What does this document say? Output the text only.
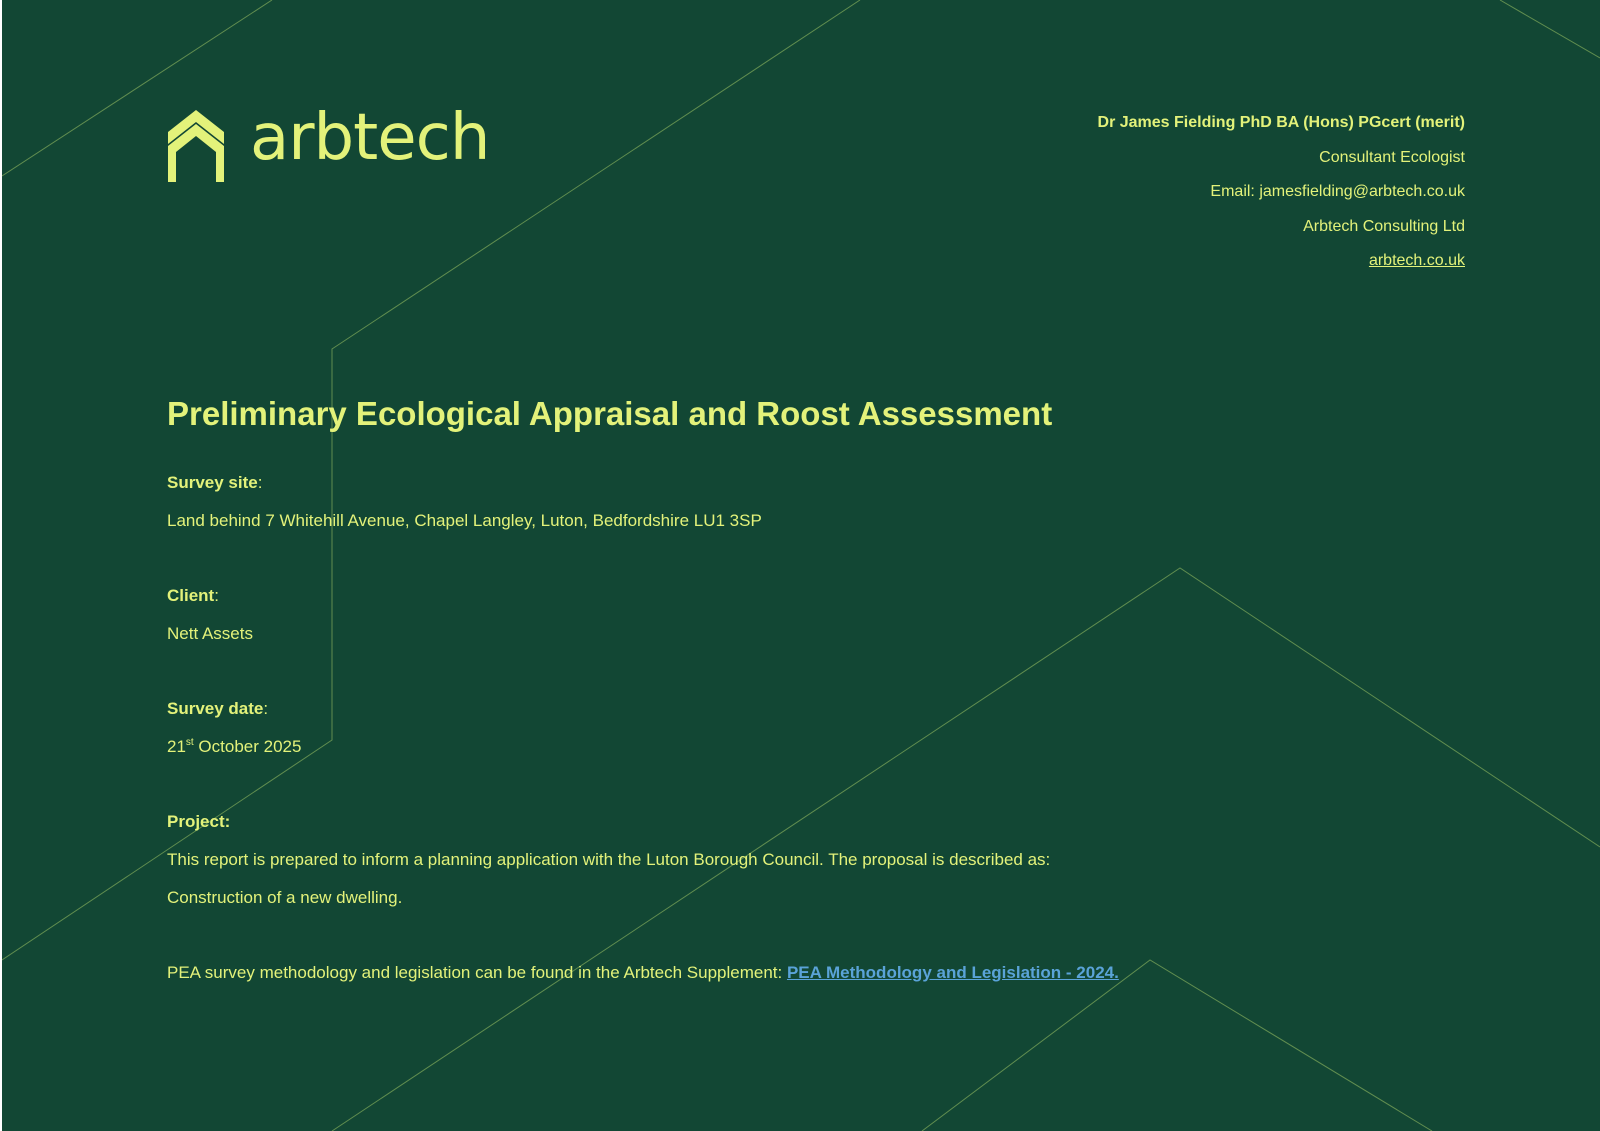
arbtech	Dr James Fielding PhD BA (Hons) PGcert (merit)
Consultant Ecologist
Email: jamesfielding@arbtech.co.uk
Arbtech Consulting Ltd
arbtech.co.uk
Preliminary Ecological Appraisal and Roost Assessment
Survey site:
Land behind 7 Whitehill Avenue, Chapel Langley, Luton, Bedfordshire LU1 3SP
Client:
Nett Assets
Survey date:
21st October 2025
Project:
This report is prepared to inform a planning application with the Luton Borough Council. The proposal is described as:
Construction of a new dwelling.
PEA survey methodology and legislation can be found in the Arbtech Supplement: PEA Methodology and Legislation - 2024.
